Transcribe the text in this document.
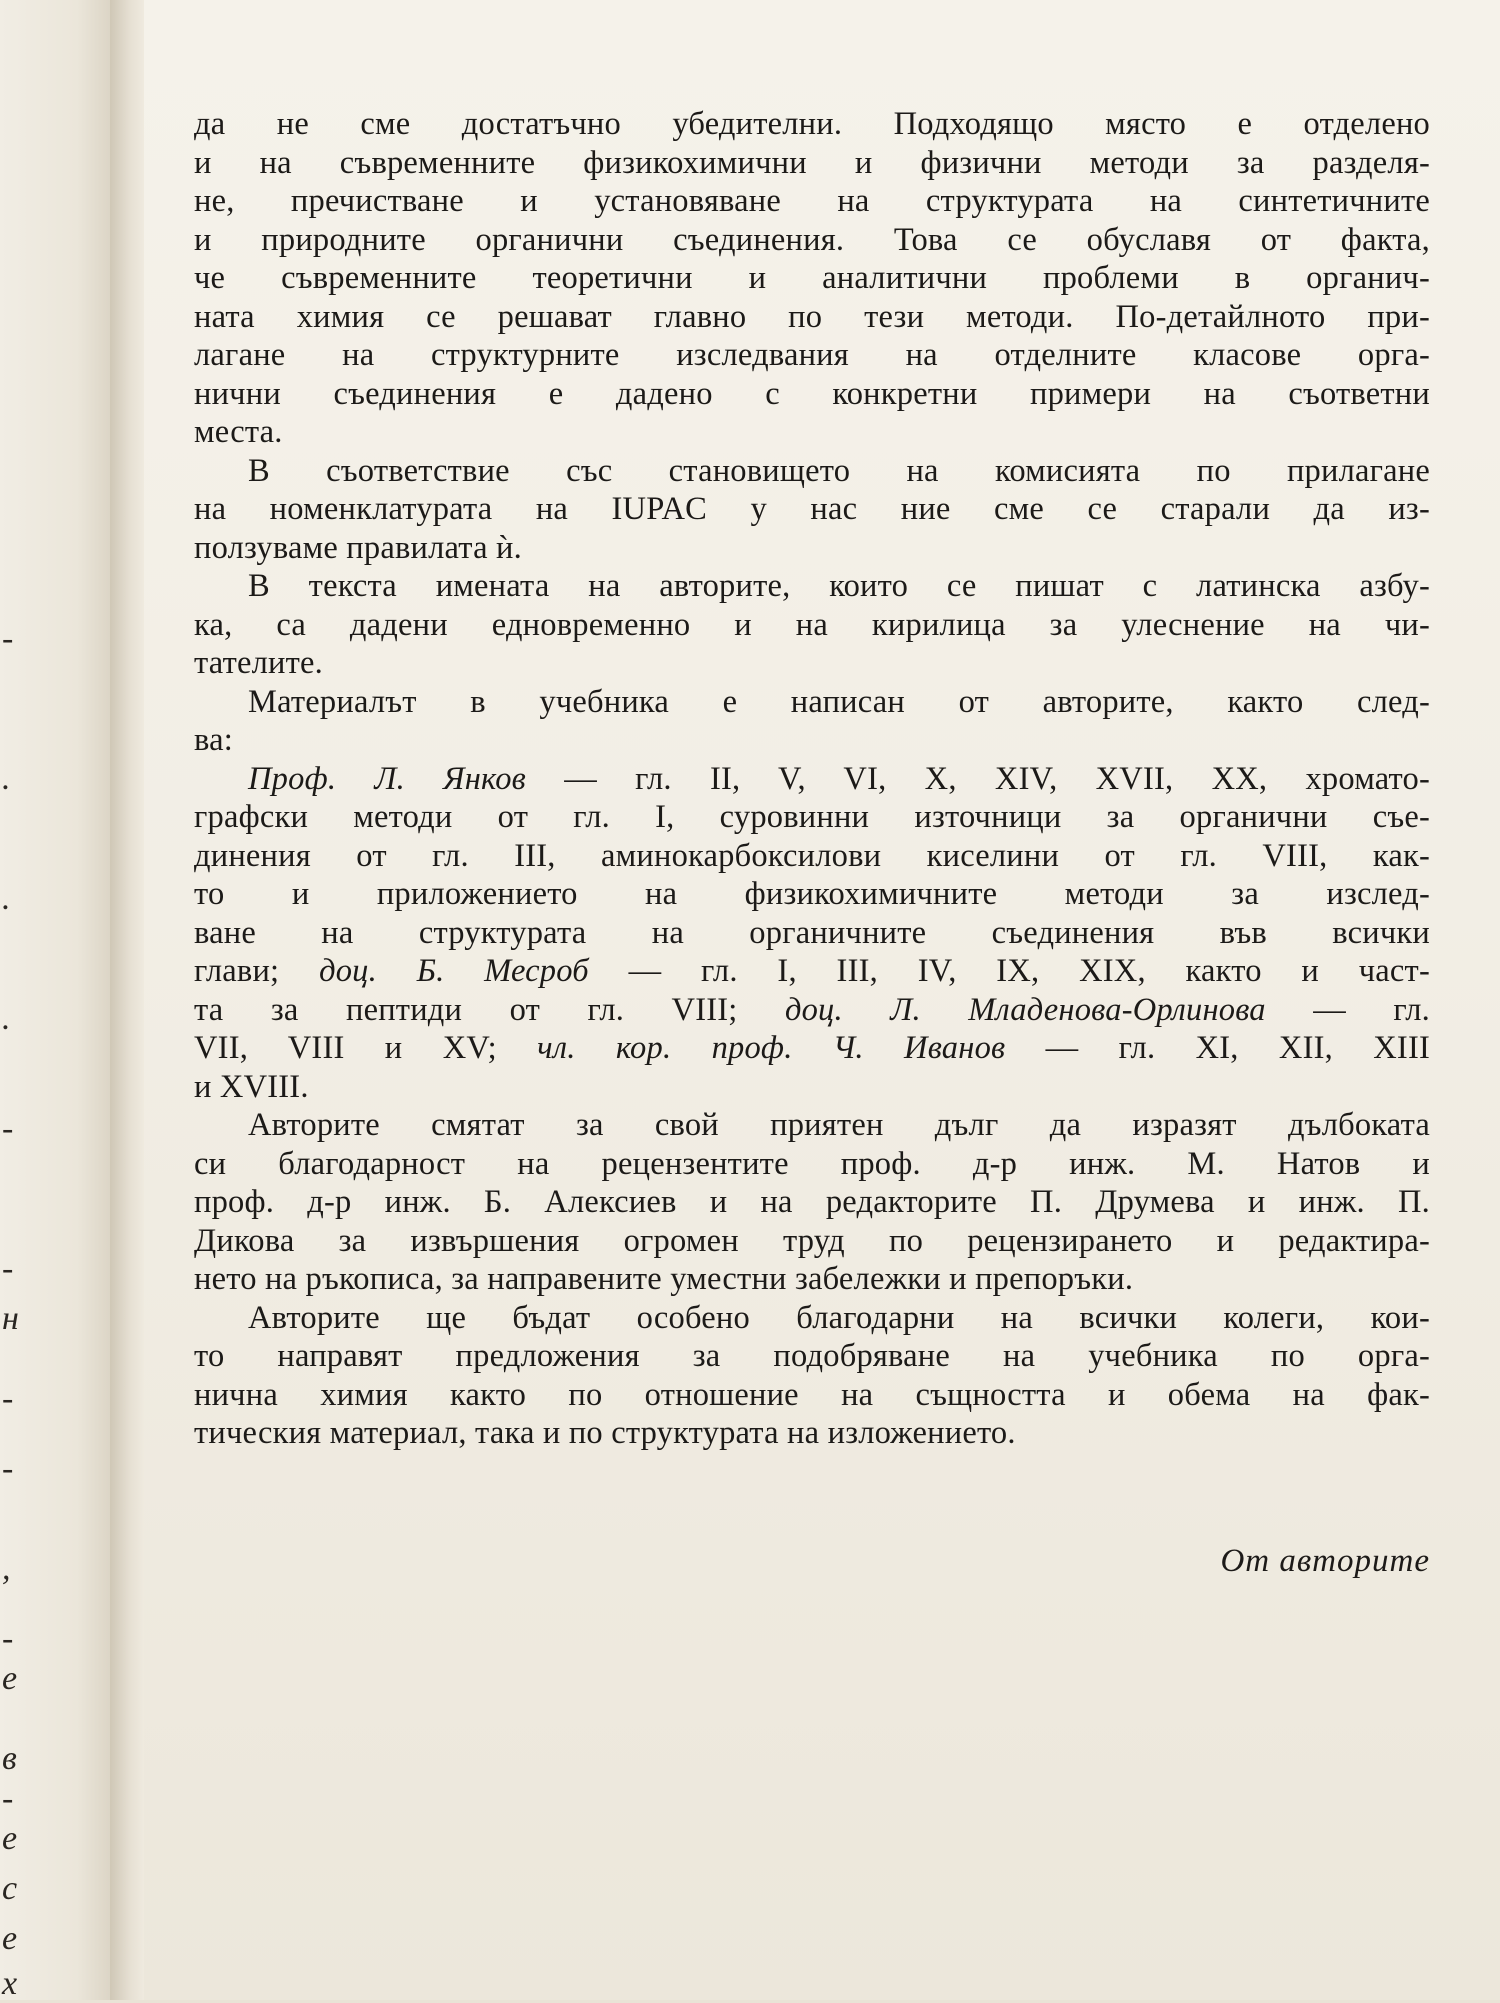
-
.
.
.
-
-
н
-
-
,
-
е
в
-
е
с
е
х

да не сме достатъчно убедителни. Подходящо място е отделено
и на съвременните физикохимични и физични методи за разделя-
не, пречистване и установяване на структурата на синтетичните
и природните органични съединения. Това се обуславя от факта,
че съвременните теоретични и аналитични проблеми в органич-
ната химия се решават главно по тези методи. По-детайлното при-
лагане на структурните изследвания на отделните класове орга-
нични съединения е дадено с конкретни примери на съответни
места.

В съответствие със становището на комисията по прилагане
на номенклатурата на IUPAC у нас ние сме се старали да из-
ползуваме правилата ѝ.

В текста имената на авторите, които се пишат с латинска азбу-
ка, са дадени едновременно и на кирилица за улеснение на чи-
тателите.

Материалът в учебника е написан от авторите, както след-
ва:

Проф. Л. Янков — гл. II, V, VI, X, XIV, XVII, XX, хромато-
графски методи от гл. I, суровинни източници за органични съе-
динения от гл. III, аминокарбоксилови киселини от гл. VIII, как-
то и приложението на физикохимичните методи за изслед-
ване на структурата на органичните съединения във всички
глави; доц. Б. Месроб — гл. I, III, IV, IX, XIX, както и част-
та за пептиди от гл. VIII; доц. Л. Младенова-Орлинова — гл.
VII, VIII и XV; чл. кор. проф. Ч. Иванов — гл. XI, XII, XIII
и XVIII.

Авторите смятат за свой приятен дълг да изразят дълбоката
си благодарност на рецензентите проф. д-р инж. М. Натов и
проф. д-р инж. Б. Алексиев и на редакторите П. Друмева и инж. П.
Дикова за извършения огромен труд по рецензирането и редактира-
нето на ръкописа, за направените уместни забележки и препоръки.

Авторите ще бъдат особено благодарни на всички колеги, кои-
то направят предложения за подобряване на учебника по орга-
нична химия както по отношение на същността и обема на фак-
тическия материал, така и по структурата на изложението.

От авторите
